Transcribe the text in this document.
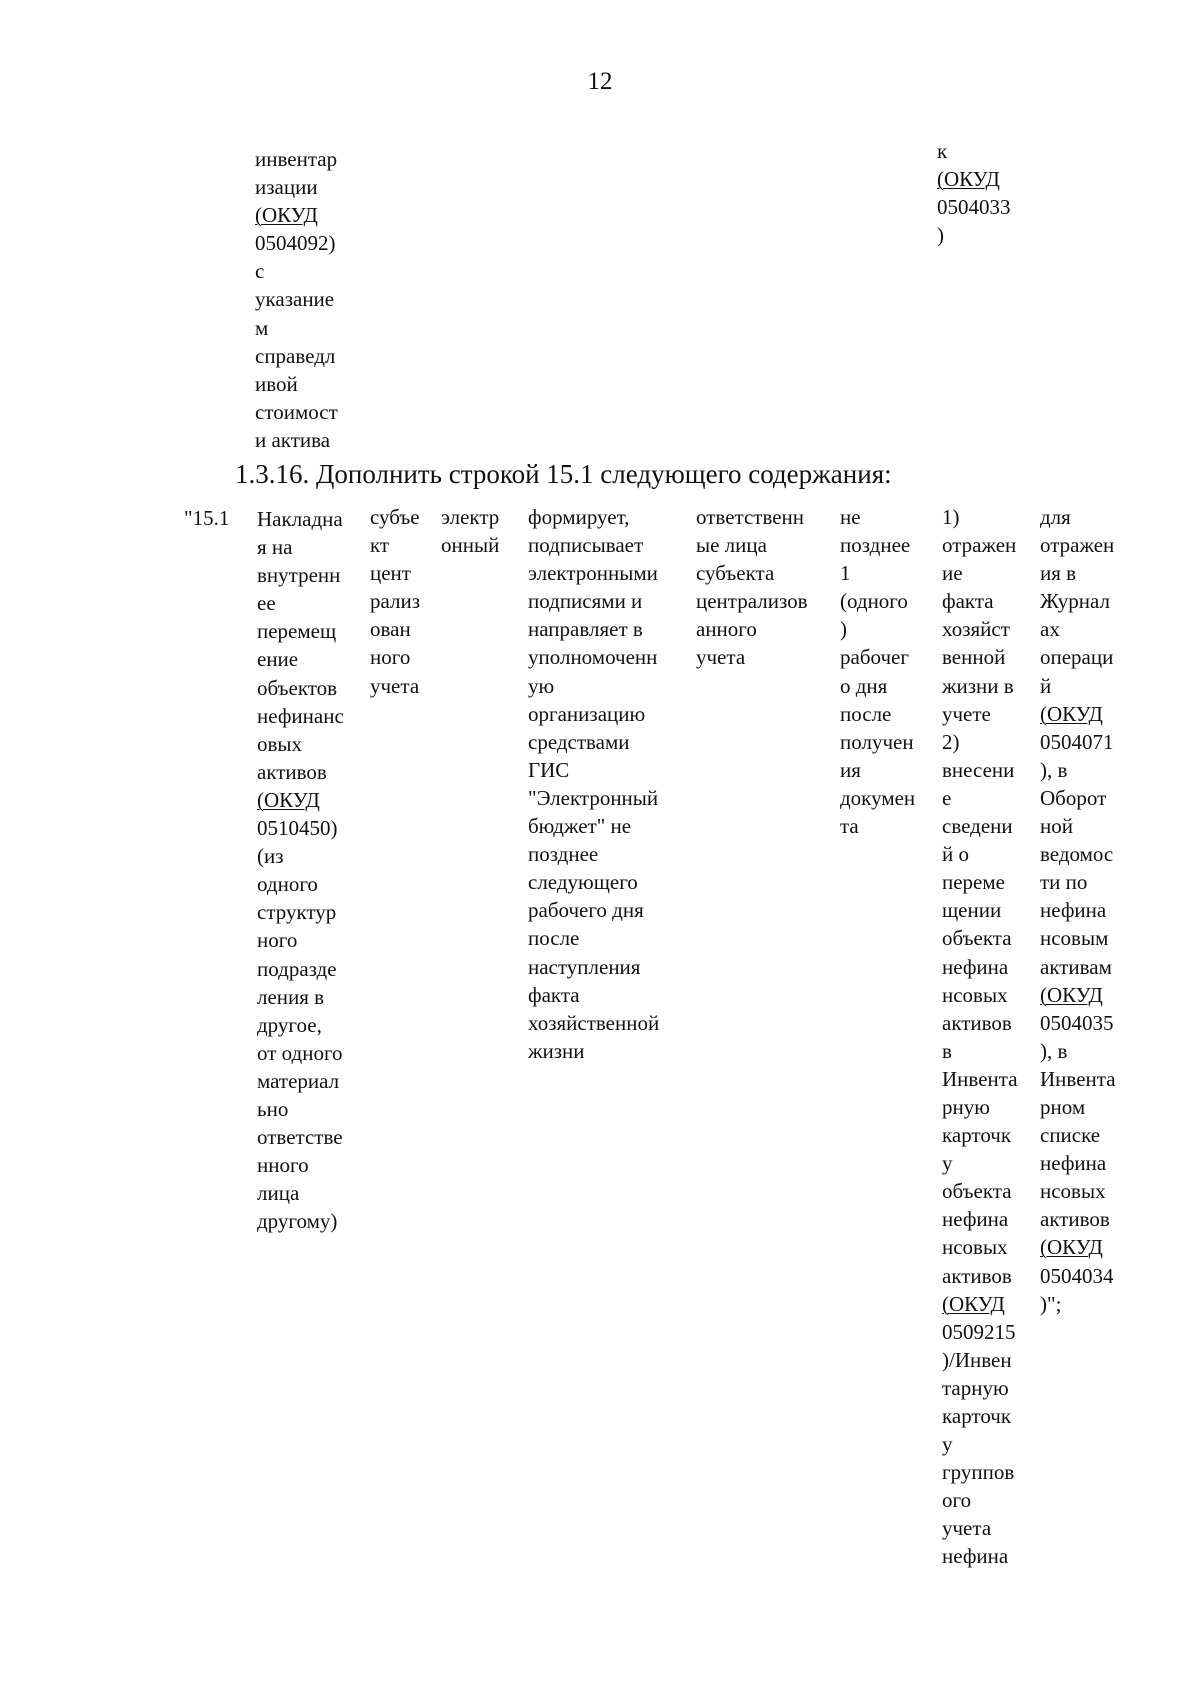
12
инвентар
изации
(ОКУД
0504092)
с
указание
м
справедл
ивой
стоимост
и актива
к
(ОКУД
0504033
)
1.3.16. Дополнить строкой 15.1 следующего содержания:
"15.1 Накладна
я на
внутренн
ее
перемещ
ение
объектов
нефинанс
овых
активов
(ОКУД
0510450)
(из
одного
структур
ного
подразде
ления в
другое,
от одного
материал
ьно
ответстве
нного
лица
другому)
субъе
кт
цент
рализ
ован
ного
учета
электр
онный
формирует,
подписывает
электронными
подписями и
направляет в
уполномоченн
ую
организацию
средствами
ГИС
"Электронный
бюджет" не
позднее
следующего
рабочего дня
после
наступления
факта
хозяйственной
жизни
ответственн
ые лица
субъекта
централизов
анного
учета
не
позднее
1
(одного
)
рабочег
о дня
после
получен
ия
докумен
та
1)
отражен
ие
факта
хозяйст
венной
жизни в
учете
2)
внесени
е
сведени
й о
переме
щении
объекта
нефина
нсовых
активов
в
Инвента
рную
карточк
у
объекта
нефина
нсовых
активов
(ОКУД
0509215
)/Инвен
тарную
карточк
у
группов
ого
учета
нефина
для
отражен
ия в
Журнал
ах
операци
й
(ОКУД
0504071
), в
Оборот
ной
ведомос
ти по
нефина
нсовым
активам
(ОКУД
0504035
), в
Инвента
рном
списке
нефина
нсовых
активов
(ОКУД
0504034
)";
